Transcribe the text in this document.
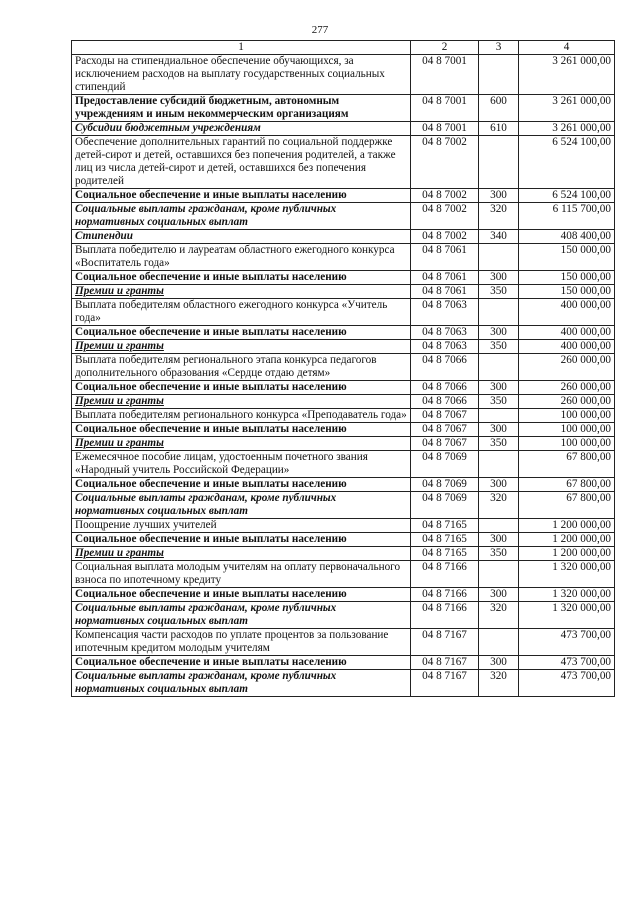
277
1	2	3	4
Расходы на стипендиальное обеспечение обучающихся, за исключением расходов на выплату государственных социальных стипендий	04 8 7001		3 261 000,00
Предоставление субсидий бюджетным, автономным учреждениям и иным некоммерческим организациям	04 8 7001	600	3 261 000,00
Субсидии бюджетным учреждениям	04 8 7001	610	3 261 000,00
Обеспечение дополнительных гарантий по социальной поддержке детей-сирот и детей, оставшихся без попечения родителей, а также лиц из числа детей-сирот и детей, оставшихся без попечения родителей	04 8 7002		6 524 100,00
Социальное обеспечение и иные выплаты населению	04 8 7002	300	6 524 100,00
Социальные выплаты гражданам, кроме публичных нормативных социальных выплат	04 8 7002	320	6 115 700,00
Стипендии	04 8 7002	340	408 400,00
Выплата победителю и лауреатам областного ежегодного конкурса «Воспитатель года»	04 8 7061		150 000,00
Социальное обеспечение и иные выплаты населению	04 8 7061	300	150 000,00
Премии и гранты	04 8 7061	350	150 000,00
Выплата победителям областного ежегодного конкурса «Учитель года»	04 8 7063		400 000,00
Социальное обеспечение и иные выплаты населению	04 8 7063	300	400 000,00
Премии и гранты	04 8 7063	350	400 000,00
Выплата победителям регионального этапа конкурса педагогов дополнительного образования «Сердце отдаю детям»	04 8 7066		260 000,00
Социальное обеспечение и иные выплаты населению	04 8 7066	300	260 000,00
Премии и гранты	04 8 7066	350	260 000,00
Выплата победителям регионального конкурса «Преподаватель года»	04 8 7067		100 000,00
Социальное обеспечение и иные выплаты населению	04 8 7067	300	100 000,00
Премии и гранты	04 8 7067	350	100 000,00
Ежемесячное пособие лицам, удостоенным почетного звания «Народный учитель Российской Федерации»	04 8 7069		67 800,00
Социальное обеспечение и иные выплаты населению	04 8 7069	300	67 800,00
Социальные выплаты гражданам, кроме публичных нормативных социальных выплат	04 8 7069	320	67 800,00
Поощрение лучших учителей	04 8 7165		1 200 000,00
Социальное обеспечение и иные выплаты населению	04 8 7165	300	1 200 000,00
Премии и гранты	04 8 7165	350	1 200 000,00
Социальная выплата молодым учителям на оплату первоначального взноса по ипотечному кредиту	04 8 7166		1 320 000,00
Социальное обеспечение и иные выплаты населению	04 8 7166	300	1 320 000,00
Социальные выплаты гражданам, кроме публичных нормативных социальных выплат	04 8 7166	320	1 320 000,00
Компенсация части расходов по уплате процентов за пользование ипотечным кредитом молодым учителям	04 8 7167		473 700,00
Социальное обеспечение и иные выплаты населению	04 8 7167	300	473 700,00
Социальные выплаты гражданам, кроме публичных нормативных социальных выплат	04 8 7167	320	473 700,00
